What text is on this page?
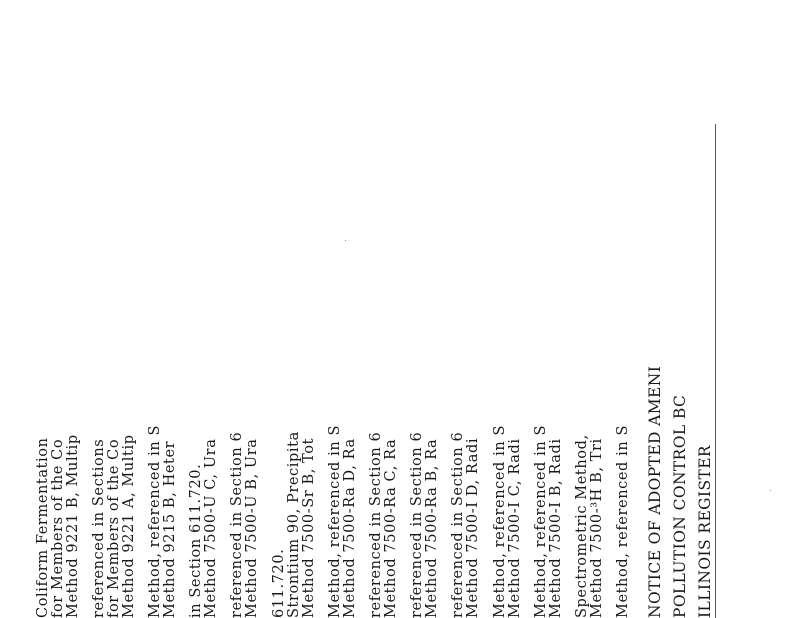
ILLINOIS REGISTER
POLLUTION CONTROL BC
NOTICE OF ADOPTED AMENI
Method, referenced in S
Method 7500-³H B, Tri
Spectrometric Method,
Method 7500-I B, Radi
Method, referenced in S
Method 7500-I C, Radi
Method, referenced in S
Method 7500-I D, Radi
referenced in Section 6
Method 7500-Ra B, Ra
referenced in Section 6
Method 7500-Ra C, Ra
referenced in Section 6
Method 7500-Ra D, Ra
Method, referenced in S
Method 7500-Sr B, Tot
Strontium 90, Precipita
611.720.
Method 7500-U B, Ura
referenced in Section 6
Method 7500-U C, Ura
in Section 611.720.
Method 9215 B, Heter
Method, referenced in S
Method 9221 A, Multip
for Members of the Co
referenced in Sections
Method 9221 B, Multip
for Members of the Co
Coliform Fermentation
